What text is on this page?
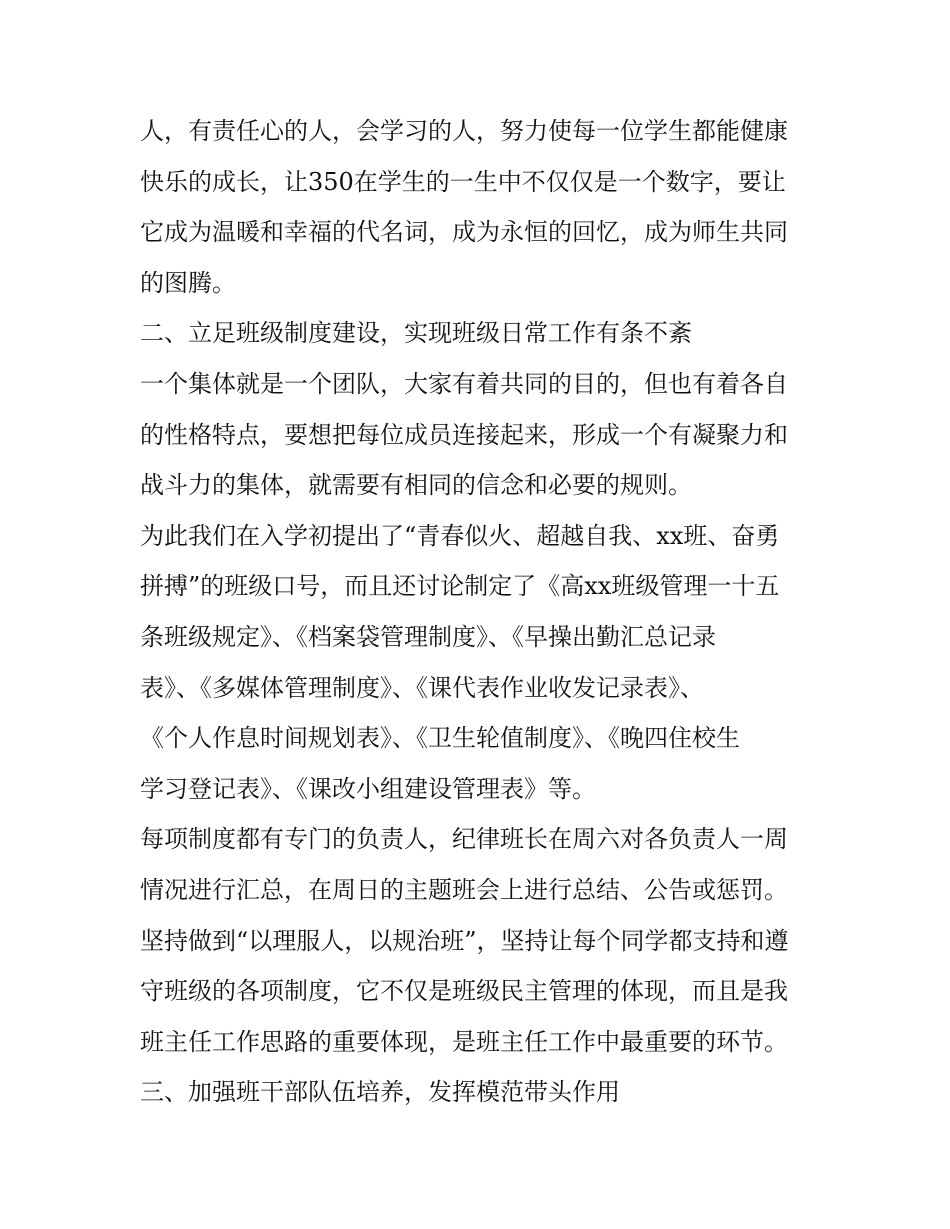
人，有责任心的人，会学习的人，努力使每一位学生都能健康
快乐的成长，让350在学生的一生中不仅仅是一个数字，要让
它成为温暖和幸福的代名词，成为永恒的回忆，成为师生共同
的图腾。
二、立足班级制度建设，实现班级日常工作有条不紊
一个集体就是一个团队，大家有着共同的目的，但也有着各自
的性格特点，要想把每位成员连接起来，形成一个有凝聚力和
战斗力的集体，就需要有相同的信念和必要的规则。
为此我们在入学初提出了“青春似火、超越自我、xx班、奋勇
拼搏”的班级口号，而且还讨论制定了《高xx班级管理一十五
条班级规定》、《档案袋管理制度》、《早操出勤汇总记录
表》、《多媒体管理制度》、《课代表作业收发记录表》、
《个人作息时间规划表》、《卫生轮值制度》、《晚四住校生
学习登记表》、《课改小组建设管理表》等。
每项制度都有专门的负责人，纪律班长在周六对各负责人一周
情况进行汇总，在周日的主题班会上进行总结、公告或惩罚。
坚持做到“以理服人，以规治班”，坚持让每个同学都支持和遵
守班级的各项制度，它不仅是班级民主管理的体现，而且是我
班主任工作思路的重要体现，是班主任工作中最重要的环节。
三、加强班干部队伍培养，发挥模范带头作用
